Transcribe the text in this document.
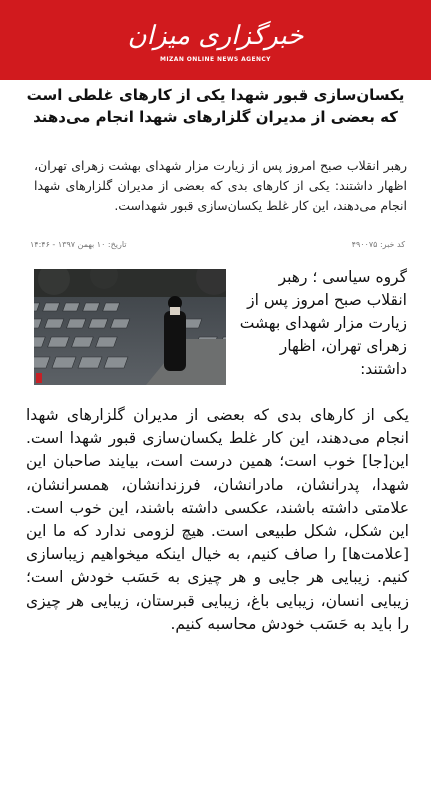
خبرگزاری میزان
MIZAN ONLINE NEWS AGENCY
یکسان‌سازی قبور شهدا یکی از کارهای غلطی است که بعضی از مدیران گلزارهای شهدا انجام می‌دهند

رهبر انقلاب صبح امروز پس از زیارت مزار شهدای بهشت زهرای تهران، اظهار داشتند: یکی از کارهای بدی که بعضی از مدیران گلزارهای شهدا انجام می‌دهند، این کار غلط یکسان‌سازی قبور شهداست.

کد خبر: ۴۹۰۰۷۵
تاریخ: ۱۰ بهمن ۱۳۹۷ - ۱۴:۴۶

گروه سیاسی ؛ رهبر انقلاب صبح امروز پس از زیارت مزار شهدای بهشت زهرای تهران، اظهار داشتند:

یکی از کارهای بدی که بعضی از مدیران گلزارهای شهدا انجام می‌دهند، این کار غلط یکسان‌سازی قبور شهدا است. این[جا] خوب است؛ همین درست است، بیایند صاحبان این شهدا، پدرانشان، مادرانشان، فرزندانشان، همسرانشان، علامتی داشته باشند، عکسی داشته باشند، این خوب است. این شکل، شکل طبیعی است. هیچ لزومی ندارد که ما این [علامت‌ها] را صاف کنیم، به خیال اینکه میخواهیم زیباسازی کنیم. زیبایی هر جایی و هر چیزی به حَسَب خودش است؛ زیبایی انسان، زیبایی باغ، زیبایی قبرستان، زیبایی هر چیزی را باید به حَسَب خودش محاسبه کنیم.
